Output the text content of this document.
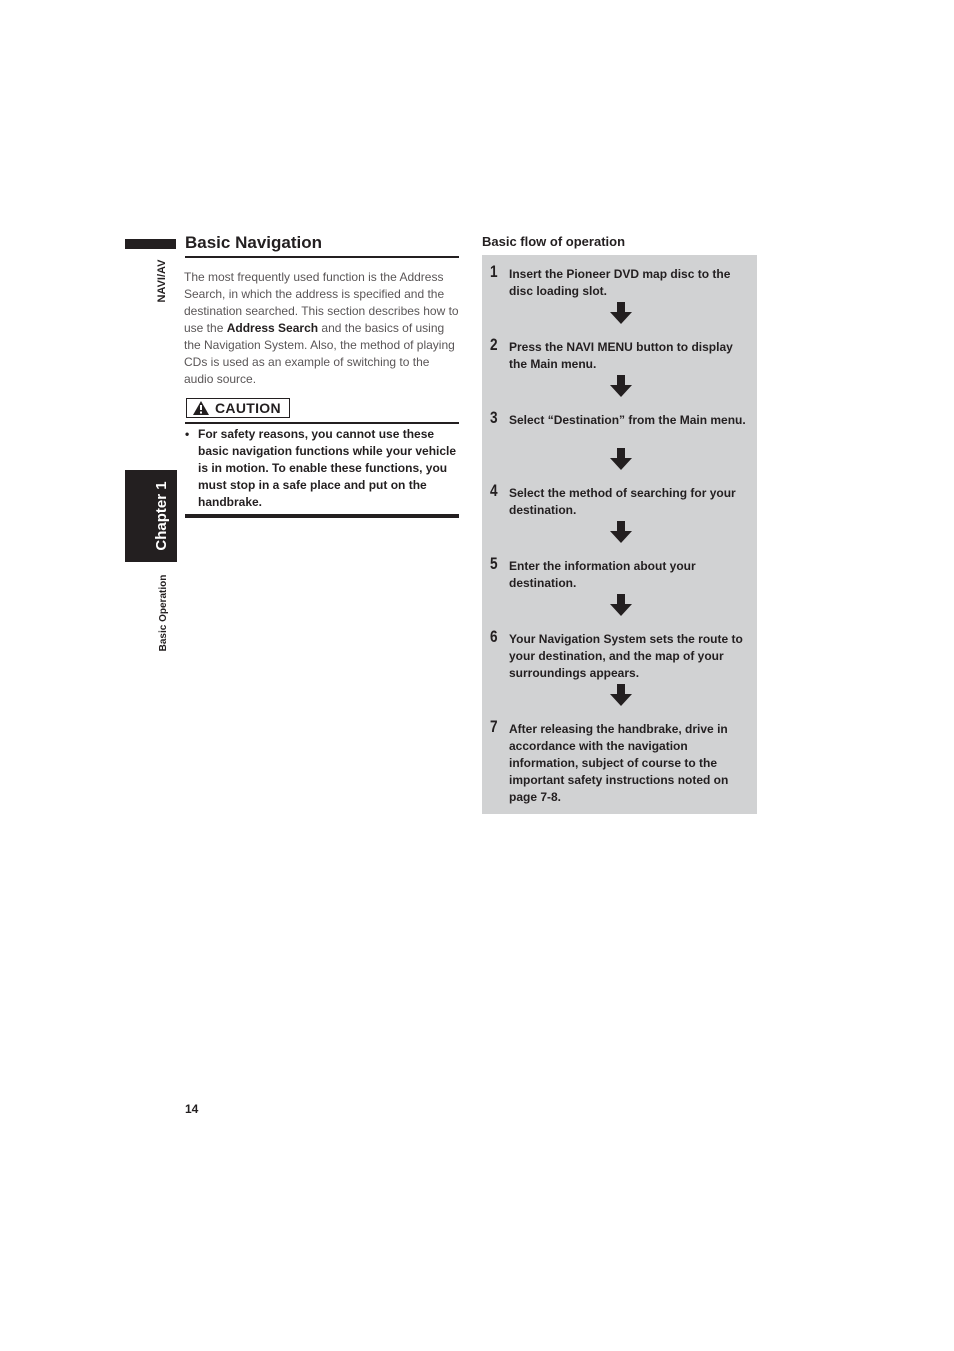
NAVI/AV
Chapter 1
Basic Operation
Basic Navigation
The most frequently used function is the Address Search, in which the address is specified and the destination searched. This section describes how to use the Address Search and the basics of using the Navigation System. Also, the method of playing CDs is used as an example of switching to the audio source.
CAUTION
• For safety reasons, you cannot use these basic navigation functions while your vehicle is in motion. To enable these functions, you must stop in a safe place and put on the handbrake.
Basic flow of operation
1 Insert the Pioneer DVD map disc to the disc loading slot.
2 Press the NAVI MENU button to display the Main menu.
3 Select “Destination” from the Main menu.
4 Select the method of searching for your destination.
5 Enter the information about your destination.
6 Your Navigation System sets the route to your destination, and the map of your surroundings appears.
7 After releasing the handbrake, drive in accordance with the navigation information, subject of course to the important safety instructions noted on page 7-8.
14
